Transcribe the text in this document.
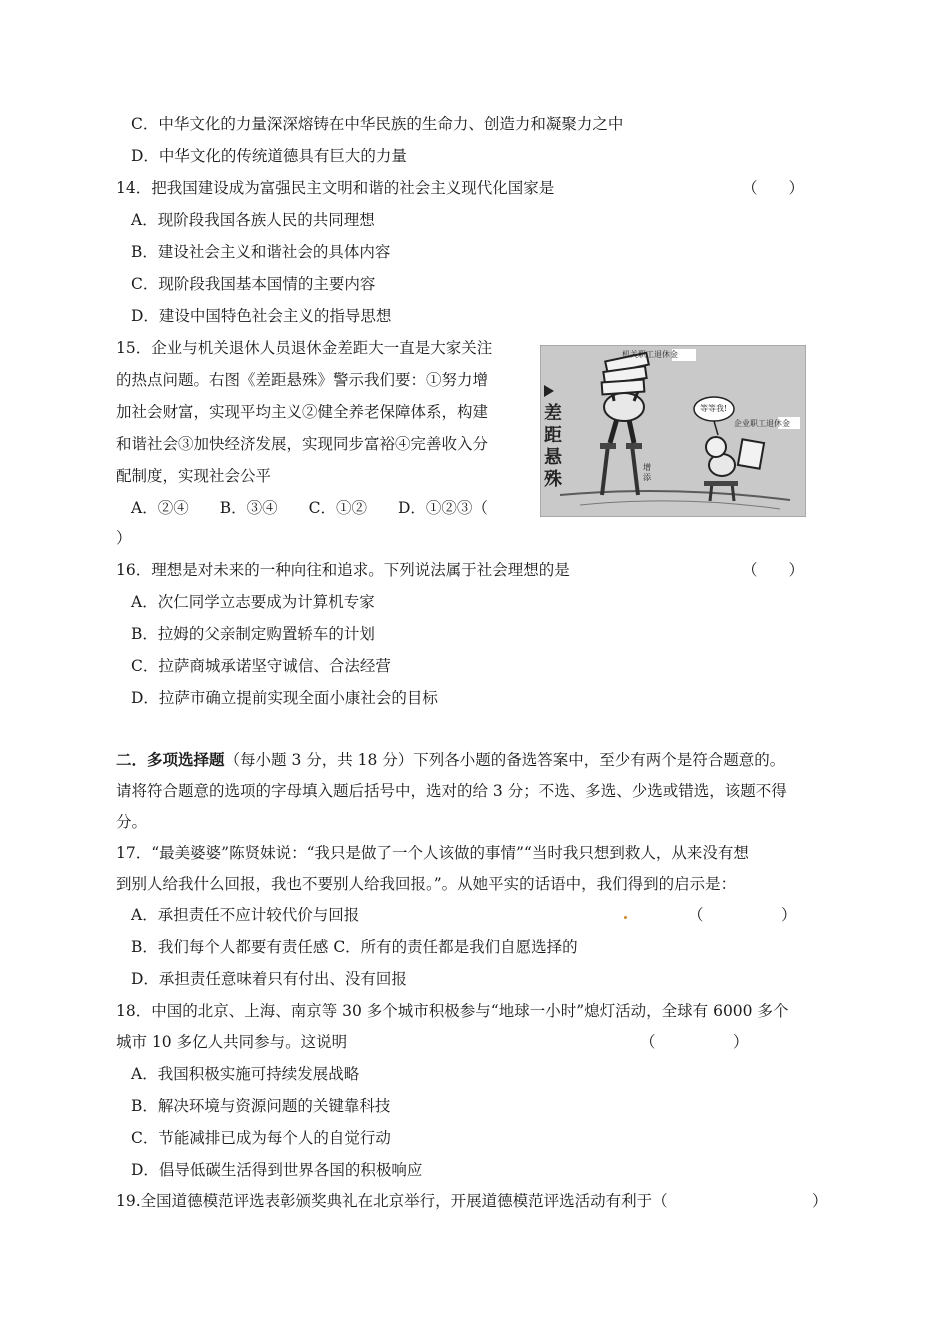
C．中华文化的力量深深熔铸在中华民族的生命力、创造力和凝聚力之中
D．中华文化的传统道德具有巨大的力量
14．把我国建设成为富强民主文明和谐的社会主义现代化国家是	（　　）
A．现阶段我国各族人民的共同理想
B．建设社会主义和谐社会的具体内容
C．现阶段我国基本国情的主要内容
D．建设中国特色社会主义的指导思想
15．企业与机关退休人员退休金差距大一直是大家关注
的热点问题。右图《差距悬殊》警示我们要：①努力增
加社会财富，实现平均主义②健全养老保障体系，构建
和谐社会③加快经济发展，实现同步富裕④完善收入分
配制度，实现社会公平
A．②④　　B．③④　　C．①②　　D．①②③（
）
差距悬殊
机关职工退休金
企业职工退休金
等等我!
增添
16．理想是对未来的一种向往和追求。下列说法属于社会理想的是	（　　）
A．次仁同学立志要成为计算机专家
B．拉姆的父亲制定购置轿车的计划
C．拉萨商城承诺坚守诚信、合法经营
D．拉萨市确立提前实现全面小康社会的目标
二．多项选择题（每小题 3 分，共 18 分）下列各小题的备选答案中，至少有两个是符合题意的。
请将符合题意的选项的字母填入题后括号中，选对的给 3 分；不选、多选、少选或错选，该题不得
分。
17．“最美婆婆”陈贤妹说：“我只是做了一个人该做的事情”“当时我只想到救人，从来没有想
到别人给我什么回报，我也不要别人给我回报。”。从她平实的话语中，我们得到的启示是：
A．承担责任不应计较代价与回报	（　　　　　）
B．我们每个人都要有责任感 C．所有的责任都是我们自愿选择的
D．承担责任意味着只有付出、没有回报
18．中国的北京、上海、南京等 30 多个城市积极参与“地球一小时”熄灯活动，全球有 6000 多个
城市 10 多亿人共同参与。这说明	（　　　　　）
A．我国积极实施可持续发展战略
B．解决环境与资源问题的关键靠科技
C．节能减排已成为每个人的自觉行动
D．倡导低碳生活得到世界各国的积极响应
19.全国道德模范评选表彰颁奖典礼在北京举行，开展道德模范评选活动有利于（	）
